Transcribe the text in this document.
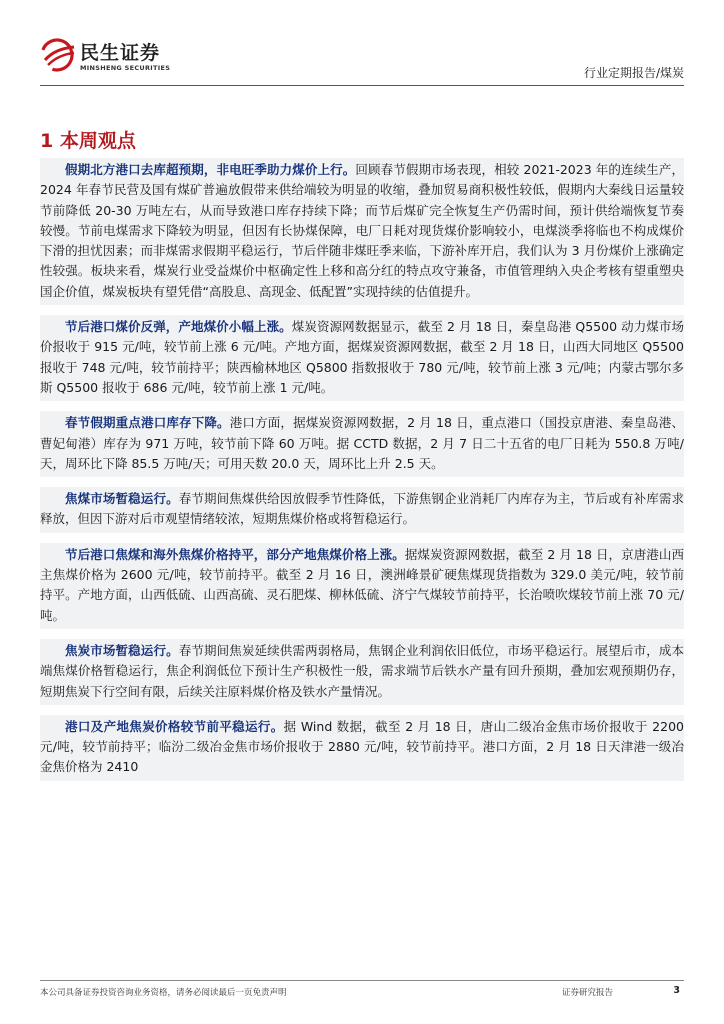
民生证券
MINSHENG SECURITIES	行业定期报告/煤炭
1 本周观点

假期北方港口去库超预期，非电旺季助力煤价上行。回顾春节假期市场表现，相较 2021-2023 年的连续生产，2024 年春节民营及国有煤矿普遍放假带来供给端较为明显的收缩，叠加贸易商积极性较低，假期内大秦线日运量较节前降低 20-30 万吨左右，从而导致港口库存持续下降；而节后煤矿完全恢复生产仍需时间，预计供给端恢复节奏较慢。节前电煤需求下降较为明显，但因有长协煤保障，电厂日耗对现货煤价影响较小，电煤淡季将临也不构成煤价下滑的担忧因素；而非煤需求假期平稳运行，节后伴随非煤旺季来临，下游补库开启，我们认为 3 月份煤价上涨确定性较强。板块来看，煤炭行业受益煤价中枢确定性上移和高分红的特点攻守兼备，市值管理纳入央企考核有望重塑央国企价值，煤炭板块有望凭借“高股息、高现金、低配置”实现持续的估值提升。

节后港口煤价反弹，产地煤价小幅上涨。煤炭资源网数据显示，截至 2 月 18 日，秦皇岛港 Q5500 动力煤市场价报收于 915 元/吨，较节前上涨 6 元/吨。产地方面，据煤炭资源网数据，截至 2 月 18 日，山西大同地区 Q5500 报收于 748 元/吨，较节前持平；陕西榆林地区 Q5800 指数报收于 780 元/吨，较节前上涨 3 元/吨；内蒙古鄂尔多斯 Q5500 报收于 686 元/吨，较节前上涨 1 元/吨。

春节假期重点港口库存下降。港口方面，据煤炭资源网数据，2 月 18 日，重点港口（国投京唐港、秦皇岛港、曹妃甸港）库存为 971 万吨，较节前下降 60 万吨。据 CCTD 数据，2 月 7 日二十五省的电厂日耗为 550.8 万吨/天，周环比下降 85.5 万吨/天；可用天数 20.0 天，周环比上升 2.5 天。

焦煤市场暂稳运行。春节期间焦煤供给因放假季节性降低，下游焦钢企业消耗厂内库存为主，节后或有补库需求释放，但因下游对后市观望情绪较浓，短期焦煤价格或将暂稳运行。

节后港口焦煤和海外焦煤价格持平，部分产地焦煤价格上涨。据煤炭资源网数据，截至 2 月 18 日，京唐港山西主焦煤价格为 2600 元/吨，较节前持平。截至 2 月 16 日，澳洲峰景矿硬焦煤现货指数为 329.0 美元/吨，较节前持平。产地方面，山西低硫、山西高硫、灵石肥煤、柳林低硫、济宁气煤较节前持平，长治喷吹煤较节前上涨 70 元/吨。

焦炭市场暂稳运行。春节期间焦炭延续供需两弱格局，焦钢企业利润依旧低位，市场平稳运行。展望后市，成本端焦煤价格暂稳运行，焦企利润低位下预计生产积极性一般，需求端节后铁水产量有回升预期，叠加宏观预期仍存，短期焦炭下行空间有限，后续关注原料煤价格及铁水产量情况。

港口及产地焦炭价格较节前平稳运行。据 Wind 数据，截至 2 月 18 日，唐山二级冶金焦市场价报收于 2200 元/吨，较节前持平；临汾二级冶金焦市场价报收于 2880 元/吨，较节前持平。港口方面，2 月 18 日天津港一级冶金焦价格为 2410

本公司具备证券投资咨询业务资格，请务必阅读最后一页免责声明	证券研究报告	3
